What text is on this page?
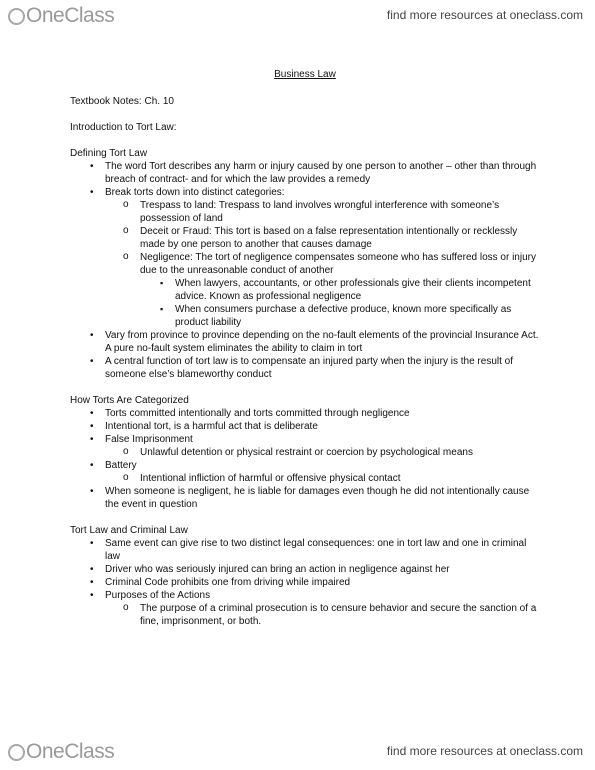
OneClass	find more resources at oneclass.com
Business Law
Textbook Notes: Ch. 10
Introduction to Tort Law:
Defining Tort Law
• The word Tort describes any harm or injury caused by one person to another – other than through breach of contract- and for which the law provides a remedy
• Break torts down into distinct categories:
o Trespass to land: Trespass to land involves wrongful interference with someone’s possession of land
o Deceit or Fraud: This tort is based on a false representation intentionally or recklessly made by one person to another that causes damage
o Negligence: The tort of negligence compensates someone who has suffered loss or injury due to the unreasonable conduct of another
▪ When lawyers, accountants, or other professionals give their clients incompetent advice. Known as professional negligence
▪ When consumers purchase a defective produce, known more specifically as product liability
• Vary from province to province depending on the no-fault elements of the provincial Insurance Act. A pure no-fault system eliminates the ability to claim in tort
• A central function of tort law is to compensate an injured party when the injury is the result of someone else’s blameworthy conduct
How Torts Are Categorized
• Torts committed intentionally and torts committed through negligence
• Intentional tort, is a harmful act that is deliberate
• False Imprisonment
o Unlawful detention or physical restraint or coercion by psychological means
• Battery
o Intentional infliction of harmful or offensive physical contact
• When someone is negligent, he is liable for damages even though he did not intentionally cause the event in question
Tort Law and Criminal Law
• Same event can give rise to two distinct legal consequences: one in tort law and one in criminal law
• Driver who was seriously injured can bring an action in negligence against her
• Criminal Code prohibits one from driving while impaired
• Purposes of the Actions
o The purpose of a criminal prosecution is to censure behavior and secure the sanction of a fine, imprisonment, or both.
OneClass	find more resources at oneclass.com
